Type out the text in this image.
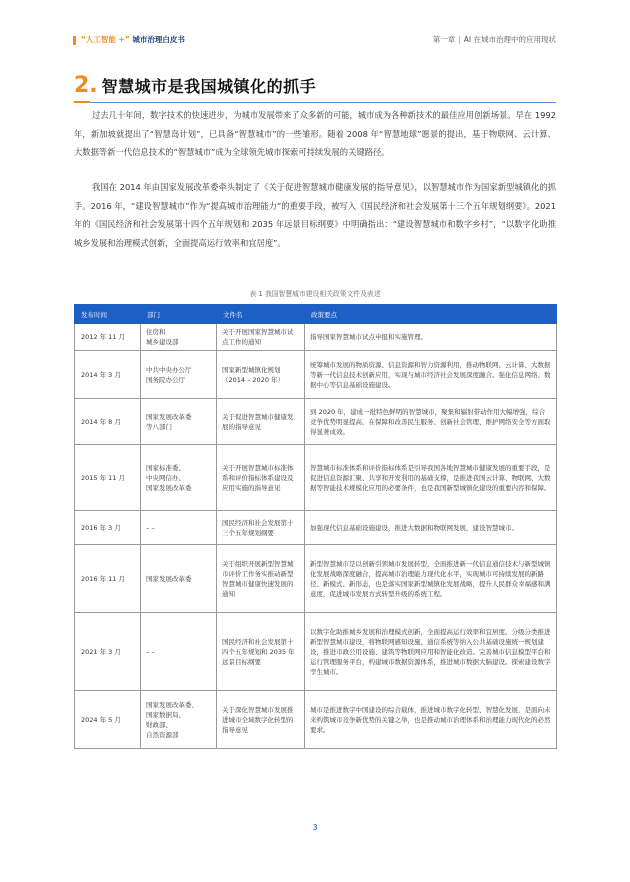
“人工智能 +” 城市治理白皮书	第一章 | AI 在城市治理中的应用现状
2. 智慧城市是我国城镇化的抓手
过去几十年间，数字技术的快速进步，为城市发展带来了众多新的可能，城市成为各种新技术的最佳应用创新场景。早在 1992 年，新加坡就提出了“智慧岛计划”，已具备“智慧城市”的一些雏形。随着 2008 年“智慧地球”愿景的提出，基于物联网、云计算、大数据等新一代信息技术的“智慧城市”成为全球领先城市探索可持续发展的关键路径。
我国在 2014 年由国家发展改革委牵头制定了《关于促进智慧城市健康发展的指导意见》，以智慧城市作为国家新型城镇化的抓手。2016 年，“建设智慧城市”作为“提高城市治理能力”的重要手段，被写入《国民经济和社会发展第十三个五年规划纲要》。2021 年的《国民经济和社会发展第十四个五年规划和 2035 年远景目标纲要》中明确指出：“建设智慧城市和数字乡村”，“以数字化助推城乡发展和治理模式创新，全面提高运行效率和宜居度”。
表 1 我国智慧城市建设相关政策文件及表述
发布时间	部门	文件名	政策要点
2012 年 11 月	住房和
城乡建设部	关于开展国家智慧城市试点工作的通知	指导国家智慧城市试点申报和实施管理。
2014 年 3 月	中共中央办公厅
国务院办公厅	国家新型城镇化规划
（2014 – 2020 年）	统筹城市发展的物质资源、信息资源和智力资源利用，推动物联网、云计算、大数据等新一代信息技术创新应用，实现与城市经济社会发展深度融合。强化信息网络、数据中心等信息基础设施建设。
2014 年 8 月	国家发展改革委
等八部门	关于促进智慧城市健康发展的指导意见	到 2020 年，建成一批特色鲜明的智慧城市，聚集和辐射带动作用大幅增强，综合竞争优势明显提高，在保障和改善民生服务、创新社会管理、维护网络安全等方面取得显著成效。
2015 年 11 月	国家标准委、
中央网信办、
国家发展改革委	关于开展智慧城市标准体系和评价指标体系建设及应用实施的指导意见	智慧城市标准体系和评价指标体系是引导我国各地智慧城市健康发展的重要手段，是促进信息资源汇聚、共享和开发利用的基础支撑，是推进我国云计算、物联网、大数据等智能技术规模化应用的必要条件，也是我国新型城镇化建设的重要内容和保障。
2016 年 3 月	– –	国民经济和社会发展第十三个五年规划纲要	加强现代信息基础设施建设，推进大数据和物联网发展，建设智慧城市。
2016 年 11 月	国家发展改革委	关于组织开展新型智慧城市评价工作务实推动新型智慧城市健康快速发展的通知	新型智慧城市是以创新引领城市发展转型，全面推进新一代信息通信技术与新型城镇化发展战略深度融合，提高城市治理能力现代化水平，实现城市可持续发展的新路径、新模式、新形态，也是落实国家新型城镇化发展战略，提升人民群众幸福感和满意度，促进城市发展方式转型升级的系统工程。
2021 年 3 月	– –	国民经济和社会发展第十四个五年规划和 2035 年远景目标纲要	以数字化助推城乡发展和治理模式创新，全面提高运行效率和宜居度。分级分类推进新型智慧城市建设，将物联网感知设施、通信系统等纳入公共基础设施统一规划建设，推进市政公用设施、建筑等物联网应用和智能化改造。完善城市信息模型平台和运行管理服务平台，构建城市数据资源体系，推进城市数据大脑建设。探索建设数字孪生城市。
2024 年 5 月	国家发展改革委、
国家数据局、
财政部、
自然资源部	关于深化智慧城市发展推进城市全域数字化转型的指导意见	城市是推进数字中国建设的综合载体，推进城市数字化转型、智慧化发展，是面向未来构筑城市竞争新优势的关键之举，也是推动城市治理体系和治理能力现代化的必然要求。
3
